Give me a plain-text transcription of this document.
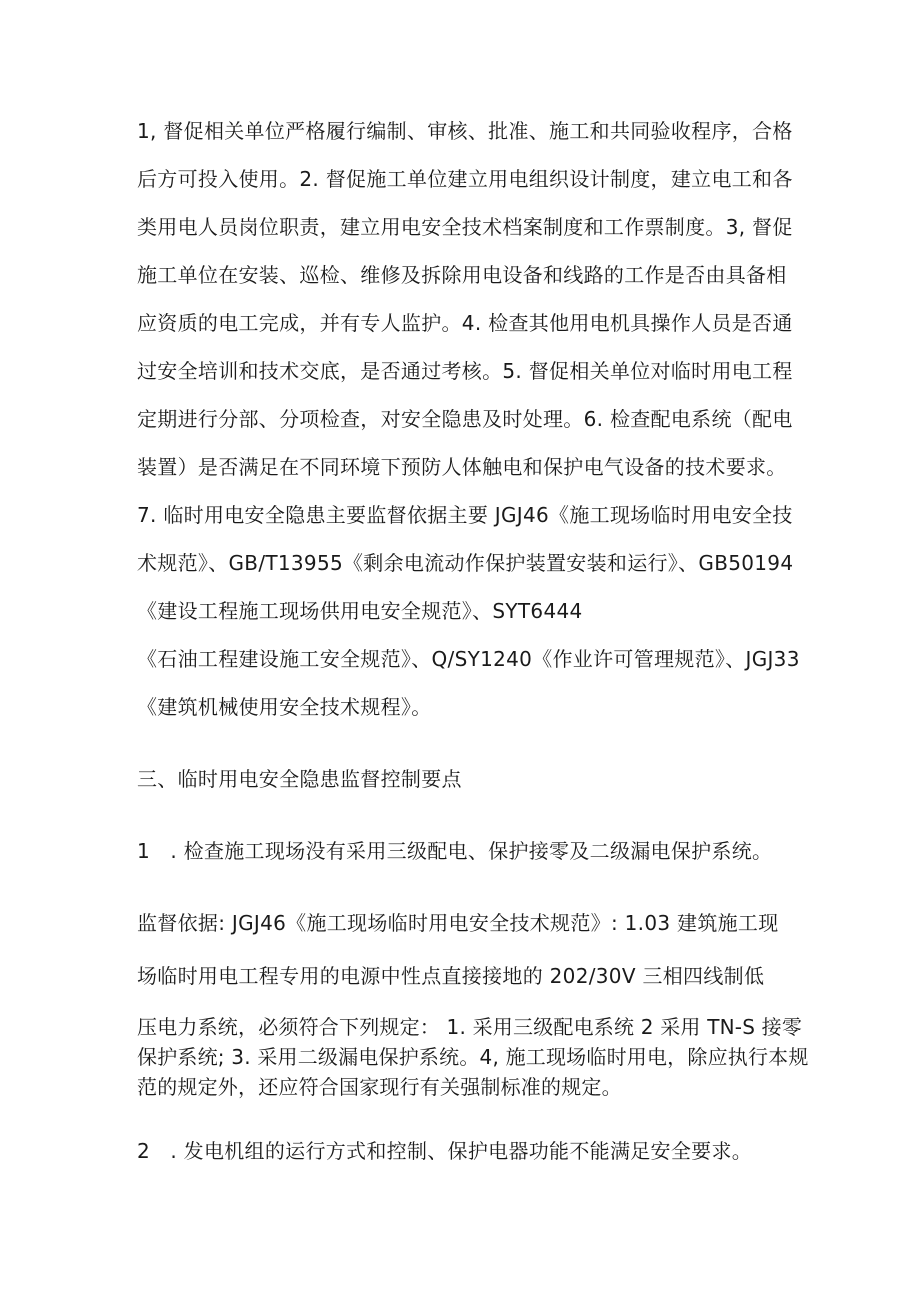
1, 督促相关单位严格履行编制、审核、批准、施工和共同验收程序，合格
后方可投入使用。2. 督促施工单位建立用电组织设计制度，建立电工和各
类用电人员岗位职责，建立用电安全技术档案制度和工作票制度。3, 督促
施工单位在安装、巡检、维修及拆除用电设备和线路的工作是否由具备相
应资质的电工完成，并有专人监护。4. 检查其他用电机具操作人员是否通
过安全培训和技术交底，是否通过考核。5. 督促相关单位对临时用电工程
定期进行分部、分项检查，对安全隐患及时处理。6. 检查配电系统（配电
装置）是否满足在不同环境下预防人体触电和保护电气设备的技术要求。
7. 临时用电安全隐患主要监督依据主要 JGJ46《施工现场临时用电安全技
术规范》、GB/T13955《剩余电流动作保护装置安装和运行》、GB50194
《建设工程施工现场供用电安全规范》、SYT6444
《石油工程建设施工安全规范》、Q/SY1240《作业许可管理规范》、JGJ33
《建筑机械使用安全技术规程》。
三、临时用电安全隐患监督控制要点
1　. 检查施工现场没有采用三级配电、保护接零及二级漏电保护系统。
监督依据: JGJ46《施工现场临时用电安全技术规范》: 1.03 建筑施工现
场临时用电工程专用的电源中性点直接接地的 202/30V 三相四线制低
压电力系统，必须符合下列规定： 1. 采用三级配电系统 2 采用 TN-S 接零
保护系统; 3. 采用二级漏电保护系统。4, 施工现场临时用电，除应执行本规
范的规定外，还应符合国家现行有关强制标准的规定。
2　. 发电机组的运行方式和控制、保护电器功能不能满足安全要求。
